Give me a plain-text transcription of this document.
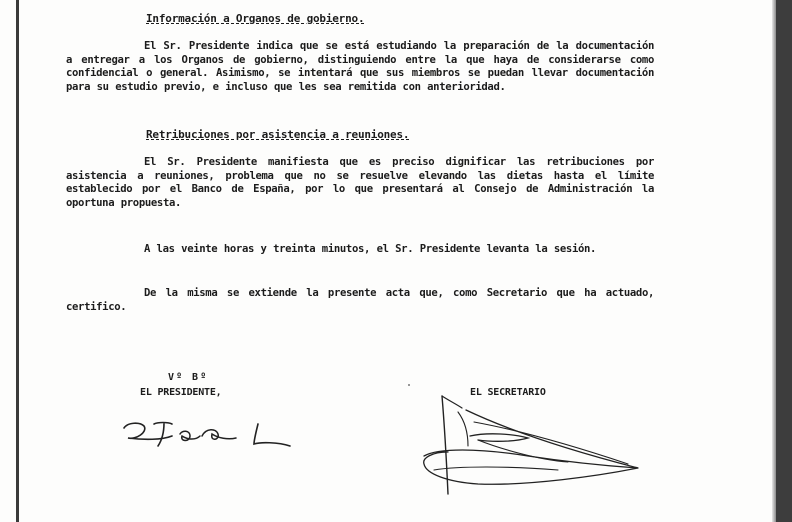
Información a Organos de gobierno.
El Sr. Presidente indica que se está estudiando la preparación de la documentación a entregar a los Organos de gobierno, distinguiendo entre la que haya de considerarse como confidencial o general. Asimismo, se intentará que sus miembros se puedan llevar documentación para su estudio previo, e incluso que les sea remitida con anterioridad.
Retribuciones por asistencia a reuniones.
El Sr. Presidente manifiesta que es preciso dignificar las retribuciones por asistencia a reuniones, problema que no se resuelve elevando las dietas hasta el límite establecido por el Banco de España, por lo que presentará al Consejo de Administración la oportuna propuesta.
A las veinte horas y treinta minutos, el Sr. Presidente levanta la sesión.
De la misma se extiende la presente acta que, como Secretario que ha actuado, certifico.
Vº Bº
EL PRESIDENTE,	EL SECRETARIO
